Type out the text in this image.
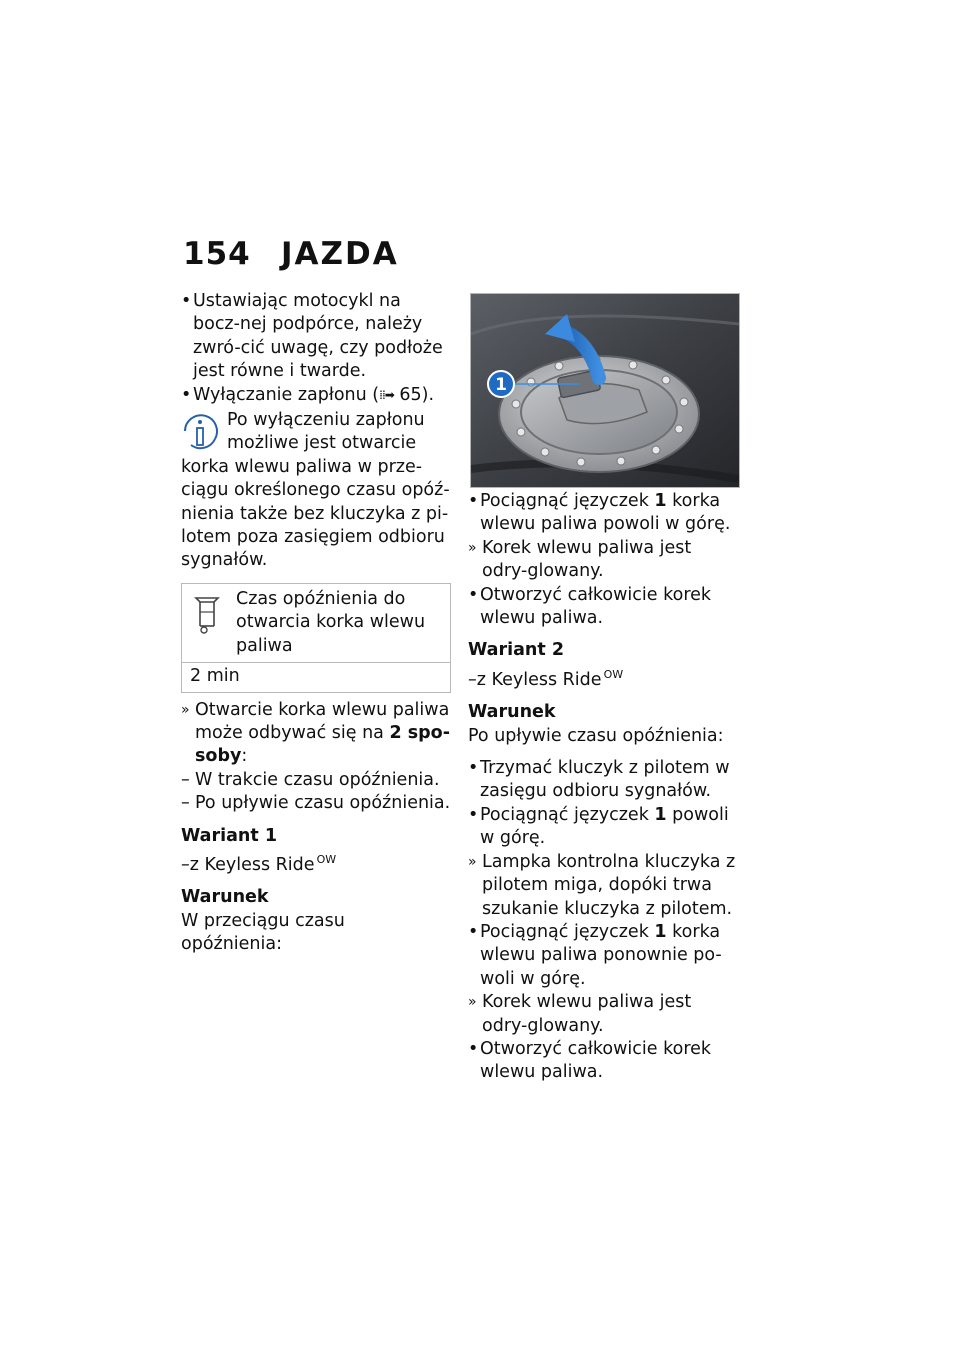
154 JAZDA

• Ustawiając motocykl na bocz-nej podpórce, należy zwró-cić uwagę, czy podłoże jest równe i twarde.

• Wyłączanie zapłonu (⁞⁞➡ 65).

Po wyłączeniu zapłonu możliwe jest otwarcie korka wlewu paliwa w prze-ciągu określonego czasu opóź-nienia także bez kluczyka z pi-lotem poza zasięgiem odbioru sygnałów.
Czas opóźnienia do otwarcia korka wlewu paliwa
2 min

» Otwarcie korka wlewu paliwa może odbywać się na 2 spo-soby:

– W trakcie czasu opóźnienia.

– Po upływie czasu opóźnienia.

Wariant 1

–z Keyless Ride $^{OW}$

Warunek

W przeciągu czasu opóźnienia:

1

• Pociągnąć języczek 1 korka wlewu paliwa powoli w górę.

» Korek wlewu paliwa jest odry-glowany.

• Otworzyć całkowicie korek wlewu paliwa.

Wariant 2

–z Keyless Ride $^{OW}$

Warunek

Po upływie czasu opóźnienia:

• Trzymać kluczyk z pilotem w zasięgu odbioru sygnałów.

• Pociągnąć języczek 1 powoli w górę.

» Lampka kontrolna kluczyka z pilotem miga, dopóki trwa szukanie kluczyka z pilotem.

• Pociągnąć języczek 1 korka wlewu paliwa ponownie po-woli w górę.

» Korek wlewu paliwa jest odry-glowany.

• Otworzyć całkowicie korek wlewu paliwa.
